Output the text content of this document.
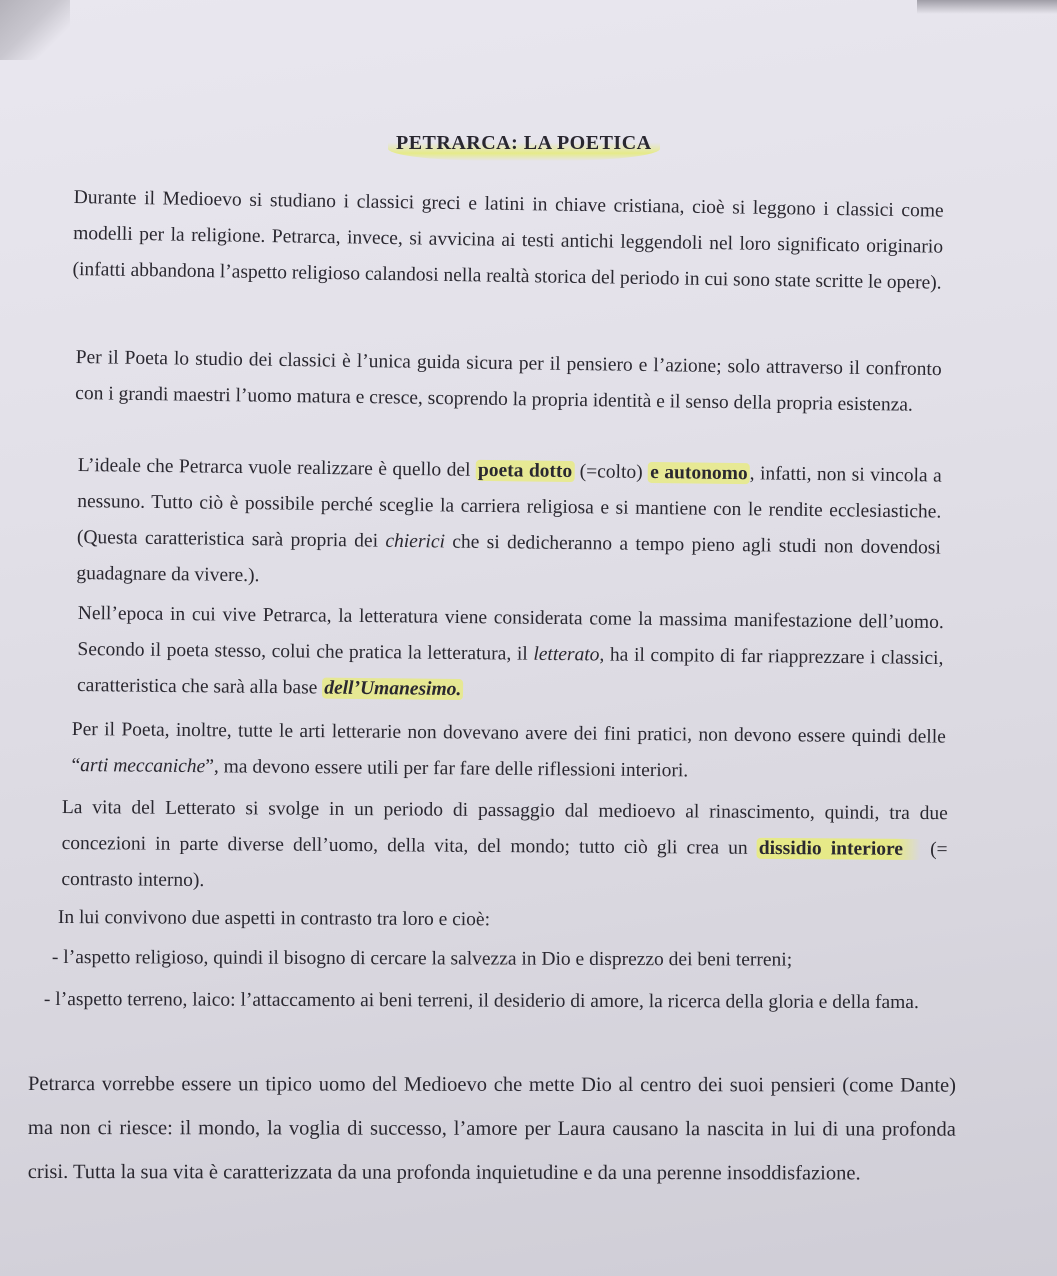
PETRARCA: LA POETICA
Durante il Medioevo si studiano i classici greci e latini in chiave cristiana, cioè si leggono i classici come modelli per la religione. Petrarca, invece, si avvicina ai testi antichi leggendoli nel loro significato originario (infatti abbandona l’aspetto religioso calandosi nella realtà storica del periodo in cui sono state scritte le opere).
Per il Poeta lo studio dei classici è l’unica guida sicura per il pensiero e l’azione; solo attraverso il confronto con i grandi maestri l’uomo matura e cresce, scoprendo la propria identità e il senso della propria esistenza.
L’ideale che Petrarca vuole realizzare è quello del poeta dotto (=colto) e autonomo, infatti, non si vincola a nessuno. Tutto ciò è possibile perché sceglie la carriera religiosa e si mantiene con le rendite ecclesiastiche. (Questa caratteristica sarà propria dei chierici che si dedicheranno a tempo pieno agli studi non dovendosi guadagnare da vivere.).
Nell’epoca in cui vive Petrarca, la letteratura viene considerata come la massima manifestazione dell’uomo. Secondo il poeta stesso, colui che pratica la letteratura, il letterato, ha il compito di far riapprezzare i classici, caratteristica che sarà alla base dell’Umanesimo.
Per il Poeta, inoltre, tutte le arti letterarie non dovevano avere dei fini pratici, non devono essere quindi delle “arti meccaniche”, ma devono essere utili per far fare delle riflessioni interiori.
La vita del Letterato si svolge in un periodo di passaggio dal medioevo al rinascimento, quindi, tra due concezioni in parte diverse dell’uomo, della vita, del mondo; tutto ciò gli crea un dissidio interiore (= contrasto interno).
In lui convivono due aspetti in contrasto tra loro e cioè:
- l’aspetto religioso, quindi il bisogno di cercare la salvezza in Dio e disprezzo dei beni terreni;
- l’aspetto terreno, laico: l’attaccamento ai beni terreni, il desiderio di amore, la ricerca della gloria e della fama.
Petrarca vorrebbe essere un tipico uomo del Medioevo che mette Dio al centro dei suoi pensieri (come Dante) ma non ci riesce: il mondo, la voglia di successo, l’amore per Laura causano la nascita in lui di una profonda crisi. Tutta la sua vita è caratterizzata da una profonda inquietudine e da una perenne insoddisfazione.
